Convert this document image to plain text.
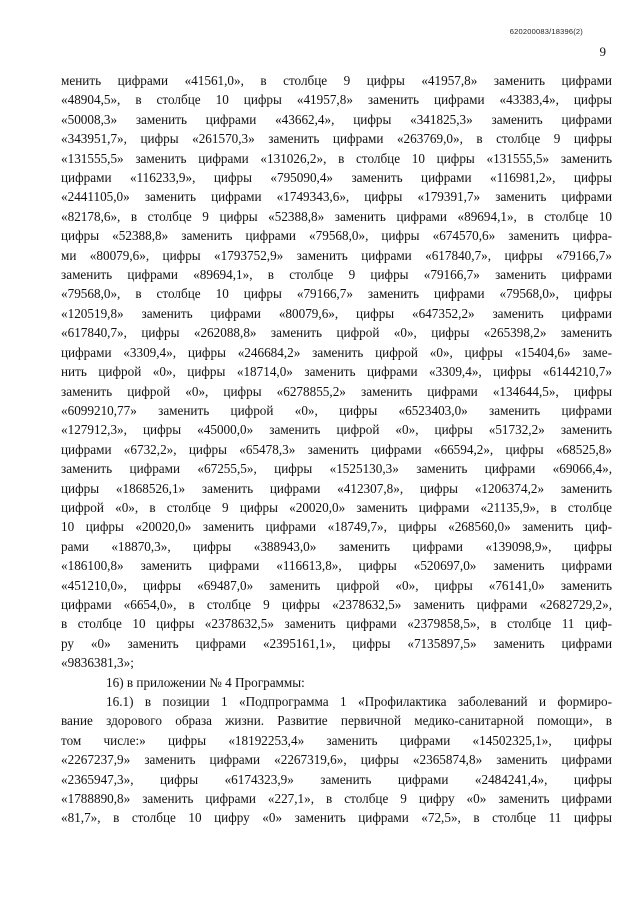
620200083/18396(2)
9

менить цифрами «41561,0», в столбце 9 цифры «41957,8» заменить цифрами

«48904,5», в столбце 10 цифры «41957,8» заменить цифрами «43383,4», цифры

«50008,3» заменить цифрами «43662,4», цифры «341825,3» заменить цифрами

«343951,7», цифры «261570,3» заменить цифрами «263769,0», в столбце 9 цифры

«131555,5» заменить цифрами «131026,2», в столбце 10 цифры «131555,5» заменить

цифрами «116233,9», цифры «795090,4» заменить цифрами «116981,2», цифры

«2441105,0» заменить цифрами «1749343,6», цифры «179391,7» заменить цифрами

«82178,6», в столбце 9 цифры «52388,8» заменить цифрами «89694,1», в столбце 10

цифры «52388,8» заменить цифрами «79568,0», цифры «674570,6» заменить цифра-

ми «80079,6», цифры «1793752,9» заменить цифрами «617840,7», цифры «79166,7»

заменить цифрами «89694,1», в столбце 9 цифры «79166,7» заменить цифрами

«79568,0», в столбце 10 цифры «79166,7» заменить цифрами «79568,0», цифры

«120519,8» заменить цифрами «80079,6», цифры «647352,2» заменить цифрами

«617840,7», цифры «262088,8» заменить цифрой «0», цифры «265398,2» заменить

цифрами «3309,4», цифры «246684,2» заменить цифрой «0», цифры «15404,6» заме-

нить цифрой «0», цифры «18714,0» заменить цифрами «3309,4», цифры «6144210,7»

заменить цифрой «0», цифры «6278855,2» заменить цифрами «134644,5», цифры

«6099210,77» заменить цифрой «0», цифры «6523403,0» заменить цифрами

«127912,3», цифры «45000,0» заменить цифрой «0», цифры «51732,2» заменить

цифрами «6732,2», цифры «65478,3» заменить цифрами «66594,2», цифры «68525,8»

заменить цифрами «67255,5», цифры «1525130,3» заменить цифрами «69066,4»,

цифры «1868526,1» заменить цифрами «412307,8», цифры «1206374,2» заменить

цифрой «0», в столбце 9 цифры «20020,0» заменить цифрами «21135,9», в столбце

10 цифры «20020,0» заменить цифрами «18749,7», цифры «268560,0» заменить циф-

рами «18870,3», цифры «388943,0» заменить цифрами «139098,9», цифры

«186100,8» заменить цифрами «116613,8», цифры «520697,0» заменить цифрами

«451210,0», цифры «69487,0» заменить цифрой «0», цифры «76141,0» заменить

цифрами «6654,0», в столбце 9 цифры «2378632,5» заменить цифрами «2682729,2»,

в столбце 10 цифры «2378632,5» заменить цифрами «2379858,5», в столбце 11 циф-

ру «0» заменить цифрами «2395161,1», цифры «7135897,5» заменить цифрами

«9836381,3»;

16) в приложении № 4 Программы:

16.1) в позиции 1 «Подпрограмма 1 «Профилактика заболеваний и формиро-

вание здорового образа жизни. Развитие первичной медико-санитарной помощи», в

том числе:» цифры «18192253,4» заменить цифрами «14502325,1», цифры

«2267237,9» заменить цифрами «2267319,6», цифры «2365874,8» заменить цифрами

«2365947,3», цифры «6174323,9» заменить цифрами «2484241,4», цифры

«1788890,8» заменить цифрами «227,1», в столбце 9 цифру «0» заменить цифрами

«81,7», в столбце 10 цифру «0» заменить цифрами «72,5», в столбце 11 цифры
